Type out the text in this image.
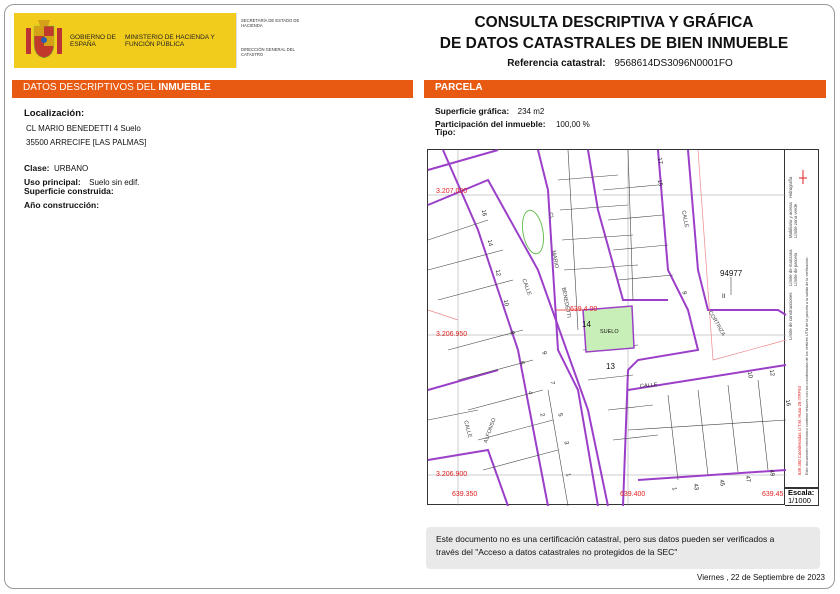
GOBIERNO DE ESPAÑA
MINISTERIO DE HACIENDA Y FUNCIÓN PÚBLICA
SECRETARÍA DE ESTADO DE HACIENDA
DIRECCIÓN GENERAL DEL CATASTRO
CONSULTA DESCRIPTIVA Y GRÁFICA
DE DATOS CATASTRALES DE BIEN INMUEBLE
Referencia catastral: 9568614DS3096N0001FO
DATOS DESCRIPTIVOS DEL INMUEBLE
Localización:
CL MARIO BENEDETTI 4 Suelo
35500 ARRECIFE [LAS PALMAS]
Clase: URBANO
Uso principal: Suelo sin edif.
Superficie construida:
Año construcción:
PARCELA
Superficie gráfica: 234 m2
Participación del inmueble: 100,00 %
Tipo:
3.207.000
3.206.950
3.206.900
639.350	639.400	639.45
639.4 00
14
SUELO
13
94977
II
CALLE
MARIO
BENEDETTI
CL	CALLE
CORTINZA
CALLE
ALFONSO
CALLE
17
15
9
10 12
16
49
47
45
43
1
16
14
12
10
8
6
4
2
1
3
5
7
9
Límite de manzana Límite de parcela
Mobiliario y aceras Límite zona verde
Límite de construcciones
Hidrografía
639.450 Coordenadas U.T.M. Huso 28 ITRF93 Este documento electrónico contiene enlaces con las coordenadas de los vértices UTM de la parcela a la salida de la verificación.
Escala:
1/1000
Este documento no es una certificación catastral, pero sus datos pueden ser verificados a
través del "Acceso a datos catastrales no protegidos de la SEC"
Viernes , 22 de Septiembre de 2023
